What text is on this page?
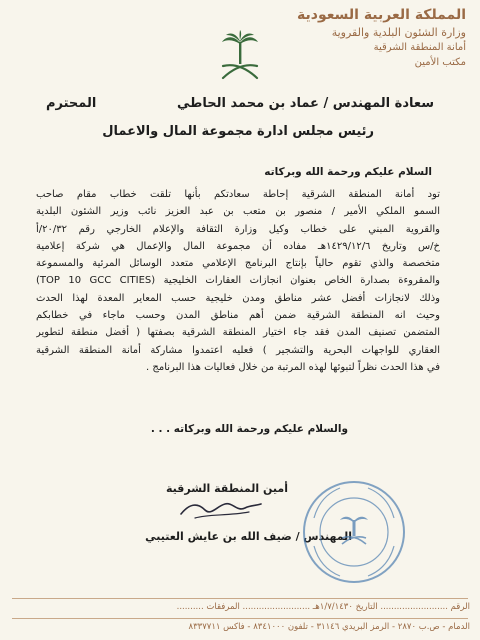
المملكة العربية السعودية
وزارة الشئون البلدية والقروية
أمانة المنطقة الشرقية
مكتب الأمين
سعادة المهندس / عماد بن محمد الحاطي
المحترم
رئيس مجلس ادارة مجموعة المال والاعمال
السلام عليكم ورحمة الله وبركاته
تود أمانة المنطقة الشرقية إحاطة سعادتكم بأنها تلقت خطاب مقام صاحب
السمو الملكي الأمير / منصور بن متعب بن عبد العزيز نائب وزير الشئون البلدية
والقروية المبني على خطاب وكيل وزارة الثقافة والإعلام الخارجي رقم ٢٠/٣٢/أ
خ/س وتاريخ ١٤٢٩/١٢/٦هـ مفاده أن مجموعة المال والإعمال هي شركة إعلامية
متخصصة والذي تقوم حالياً بإنتاج البرنامج الإعلامي متعدد الوسائل المرئية والمسموعة
والمقروءة بصدارة الخاص بعنوان انجازات العقارات الخليجية (TOP 10 GCC CITIES)
وذلك لانجازات أفضل عشر مناطق ومدن خليجية حسب المعاير المعدة لهذا الحدث
وحيث انه المنطقة الشرقية ضمن أهم مناطق المدن وحسب ماجاء في خطابكم
المتضمن تصنيف المدن فقد جاء اختيار المنطقة الشرقية بصفتها ( أفضل منطقة لتطوير
العقاري للواجهات البحرية والتشجير ) فعليه اعتمدوا مشاركة أمانة المنطقة الشرقية
في هذا الحدث نظراً لتبوئها لهذه المرتبة من خلال فعاليات هذا البرنامج .
والسلام عليكم ورحمة الله وبركاته . . .
أمين المنطقة الشرقية
المهندس / ضيف الله بن عايش العتيبي
الرقم ......................... التاريخ ١/٧/١٤٣٠هـ ......................... المرفقات ..........
الدمام - ص.ب ٢٨٧٠ - الرمز البريدي ٣١١٤٦ - تلفون ٨٣٤١٠٠٠ - فاكس ٨٣٣٧٧١١
